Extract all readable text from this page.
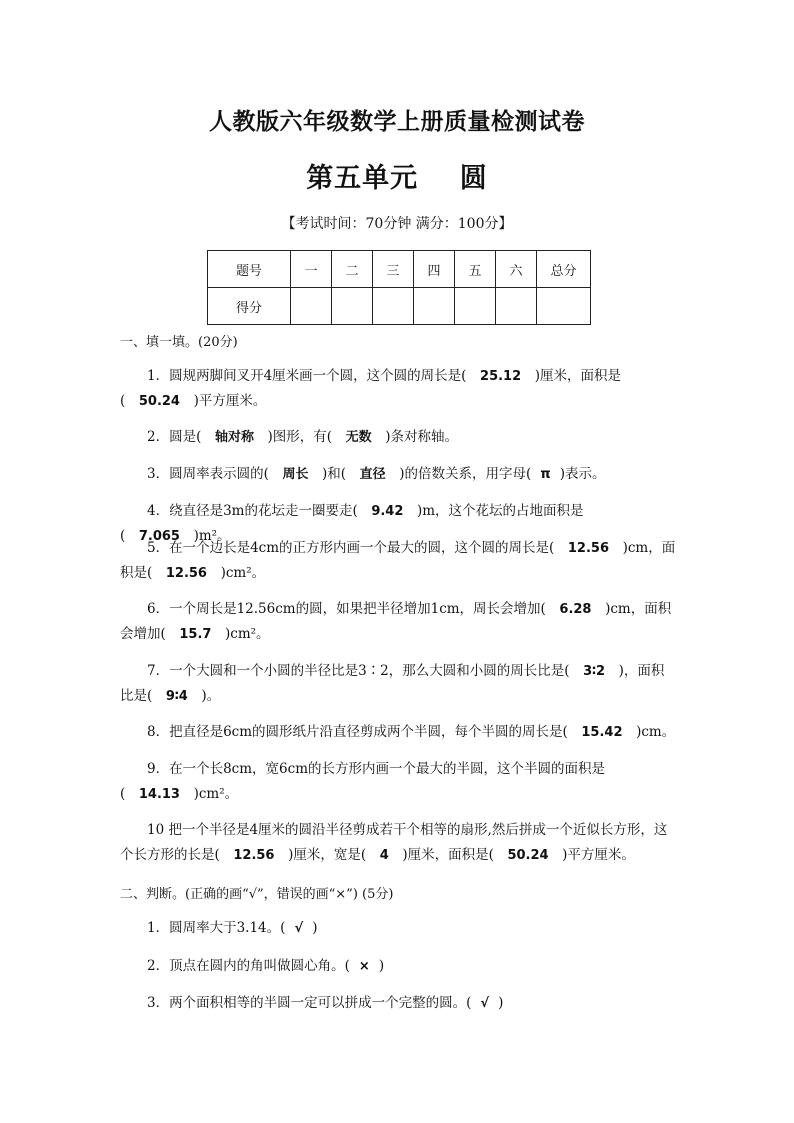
人教版六年级数学上册质量检测试卷
第五单元    圆
【考试时间：70分钟 满分：100分】
题号	一	二	三	四	五	六	总分
得分							
一、填一填。(20分)
1．圆规两脚间叉开4厘米画一个圆，这个圆的周长是( 25.12 )厘米，面积是( 50.24 )平方厘米。
2．圆是( 轴对称 )图形，有( 无数 )条对称轴。
3．圆周率表示圆的( 周长 )和( 直径 )的倍数关系，用字母( π )表示。
4．绕直径是3m的花坛走一圈要走( 9.42 )m，这个花坛的占地面积是( 7.065 )m²。
5．在一个边长是4cm的正方形内画一个最大的圆，这个圆的周长是( 12.56 )cm，面积是( 12.56 )cm²。
6．一个周长是12.56cm的圆，如果把半径增加1cm，周长会增加( 6.28 )cm，面积会增加( 15.7 )cm²。
7．一个大圆和一个小圆的半径比是3∶2，那么大圆和小圆的周长比是( 3∶2 )，面积比是( 9∶4 )。
8．把直径是6cm的圆形纸片沿直径剪成两个半圆，每个半圆的周长是( 15.42 )cm。
9．在一个长8cm，宽6cm的长方形内画一个最大的半圆，这个半圆的面积是( 14.13 )cm²。
10 把一个半径是4厘米的圆沿半径剪成若干个相等的扇形,然后拼成一个近似长方形，这个长方形的长是( 12.56 )厘米，宽是( 4 )厘米，面积是( 50.24 )平方厘米。
二、判断。(正确的画“√”，错误的画“×”) (5分)
1．圆周率大于3.14。( √ )
2．顶点在圆内的角叫做圆心角。( × )
3．两个面积相等的半圆一定可以拼成一个完整的圆。( √ )
